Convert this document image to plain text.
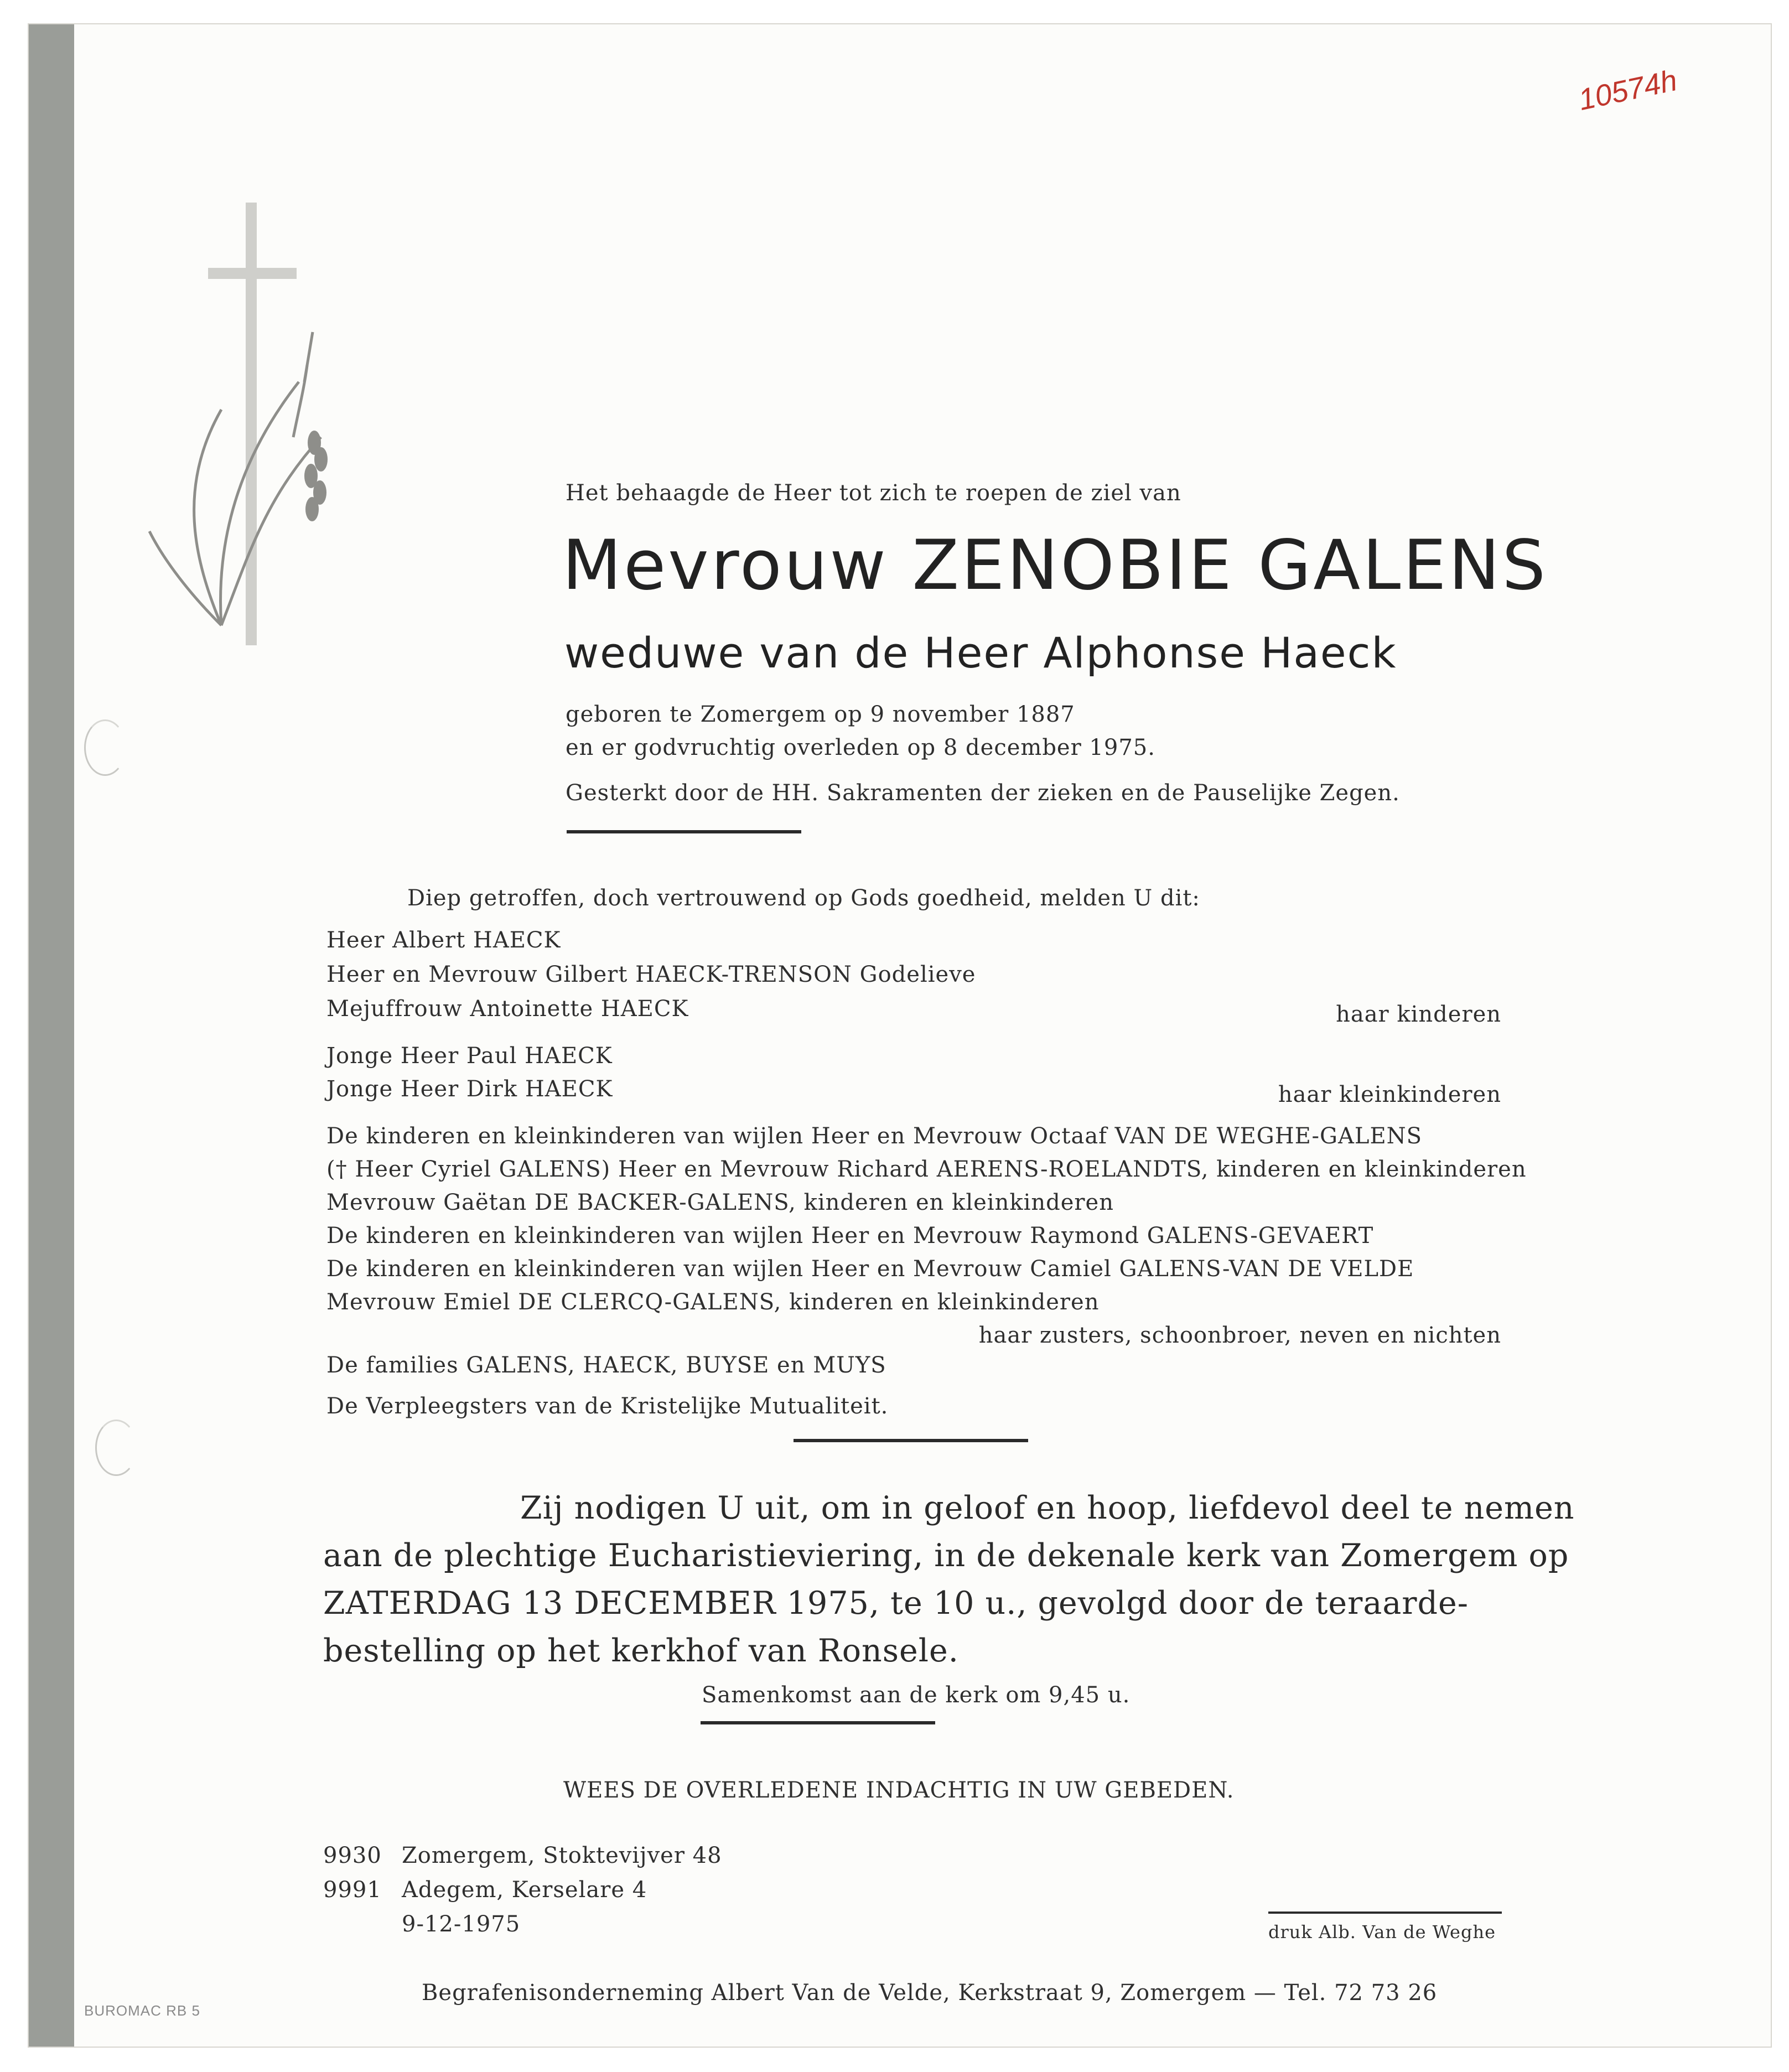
10574h
Het behaagde de Heer tot zich te roepen de ziel van
Mevrouw ZENOBIE GALENS
weduwe van de Heer Alphonse Haeck
geboren te Zomergem op 9 november 1887
en er godvruchtig overleden op 8 december 1975.
Gesterkt door de HH. Sakramenten der zieken en de Pauselijke Zegen.
Diep getroffen, doch vertrouwend op Gods goedheid, melden U dit:
Heer Albert HAECK
Heer en Mevrouw Gilbert HAECK-TRENSON Godelieve
Mejuffrouw Antoinette HAECK	haar kinderen
Jonge Heer Paul HAECK
Jonge Heer Dirk HAECK	haar kleinkinderen
De kinderen en kleinkinderen van wijlen Heer en Mevrouw Octaaf VAN DE WEGHE-GALENS
(† Heer Cyriel GALENS) Heer en Mevrouw Richard AERENS-ROELANDTS, kinderen en kleinkinderen
Mevrouw Gaëtan DE BACKER-GALENS, kinderen en kleinkinderen
De kinderen en kleinkinderen van wijlen Heer en Mevrouw Raymond GALENS-GEVAERT
De kinderen en kleinkinderen van wijlen Heer en Mevrouw Camiel GALENS-VAN DE VELDE
Mevrouw Emiel DE CLERCQ-GALENS, kinderen en kleinkinderen
haar zusters, schoonbroer, neven en nichten
De families GALENS, HAECK, BUYSE en MUYS
De Verpleegsters van de Kristelijke Mutualiteit.
Zij nodigen U uit, om in geloof en hoop, liefdevol deel te nemen
aan de plechtige Eucharistieviering, in de dekenale kerk van Zomergem op
ZATERDAG 13 DECEMBER 1975, te 10 u., gevolgd door de teraarde-
bestelling op het kerkhof van Ronsele.
Samenkomst aan de kerk om 9,45 u.
WEES DE OVERLEDENE INDACHTIG IN UW GEBEDEN.
9930 Zomergem, Stoktevijver 48
9991 Adegem, Kerselare 4
9-12-1975	druk Alb. Van de Weghe
Begrafenisonderneming Albert Van de Velde, Kerkstraat 9, Zomergem — Tel. 72 73 26
BUROMAC RB 5
